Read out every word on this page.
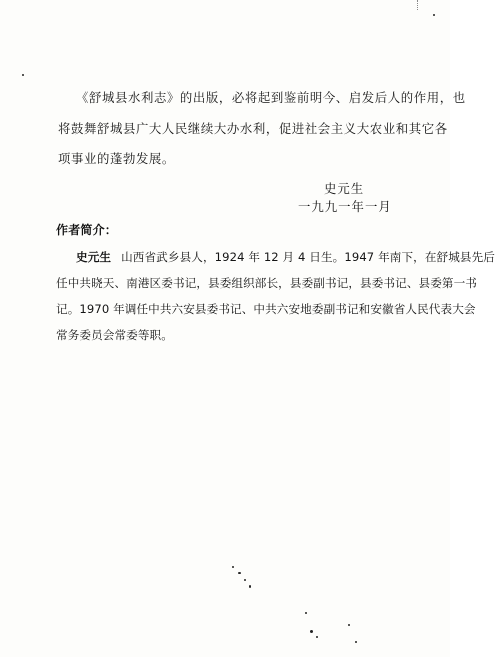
《舒城县水利志》的出版，必将起到鉴前明今、启发后人的作用，也
将鼓舞舒城县广大人民继续大办水利，促进社会主义大农业和其它各
项事业的蓬勃发展。
史元生
一九九一年一月
作者简介：
史元生 山西省武乡县人，1924 年 12 月 4 日生。1947 年南下，在舒城县先后
任中共晓天、南港区委书记，县委组织部长，县委副书记，县委书记、县委第一书
记。1970 年调任中共六安县委书记、中共六安地委副书记和安徽省人民代表大会
常务委员会常委等职。
